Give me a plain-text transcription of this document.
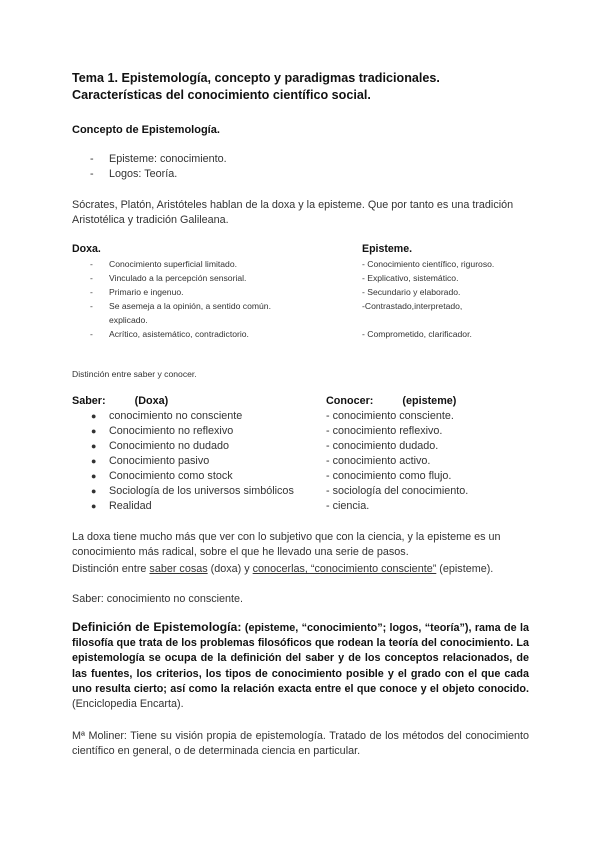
Tema 1. Epistemología, concepto y paradigmas tradicionales. Características del conocimiento científico social.
Concepto de Epistemología.
- Episteme: conocimiento.
- Logos: Teoría.
Sócrates, Platón, Aristóteles hablan de la doxa y la episteme. Que por tanto es una tradición Aristotélica y tradición Galileana.
Doxa.
- Conocimiento superficial limitado.
- Vinculado a la percepción sensorial.
- Primario e ingenuo.
- Se asemeja a la opinión, a sentido común. explicado.
- Acrítico, asistemático, contradictorio.
Episteme.
- Conocimiento científico, riguroso.
- Explicativo, sistemático.
- Secundario y elaborado.
-Contrastado,interpretado,
- Comprometido, clarificador.
Distinción entre saber y conocer.
Saber:	(Doxa)
● conocimiento no consciente
● Conocimiento no reflexivo
● Conocimiento no dudado
● Conocimiento pasivo
● Conocimiento como stock
● Sociología de los universos simbólicos
● Realidad
Conocer:	(episteme)
- conocimiento consciente.
- conocimiento reflexivo.
- conocimiento dudado.
- conocimiento activo.
- conocimiento como flujo.
- sociología del conocimiento.
- ciencia.
La doxa tiene mucho más que ver con lo subjetivo que con la ciencia, y la episteme es un conocimiento más radical, sobre el que he llevado una serie de pasos.
Distinción entre saber cosas (doxa) y conocerlas, “conocimiento consciente” (episteme).
Saber: conocimiento no consciente.
Definición de Epistemología: (episteme, “conocimiento”; logos, “teoría”), rama de la filosofía que trata de los problemas filosóficos que rodean la teoría del conocimiento. La epistemología se ocupa de la definición del saber y de los conceptos relacionados, de las fuentes, los criterios, los tipos de conocimiento posible y el grado con el que cada uno resulta cierto; así como la relación exacta entre el que conoce y el objeto conocido. (Enciclopedia Encarta).
Mª Moliner: Tiene su visión propia de epistemología. Tratado de los métodos del conocimiento científico en general, o de determinada ciencia en particular.
